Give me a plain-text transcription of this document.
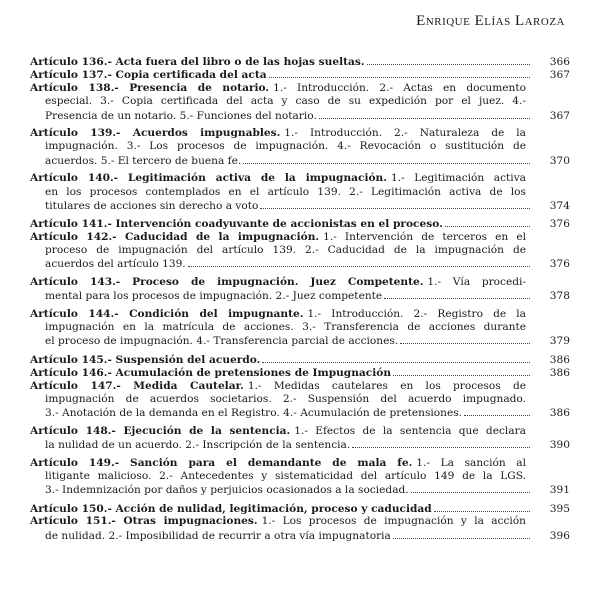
Enrique Elías Laroza
Artículo 136.- Acta fuera del libro o de las hojas sueltas.	366
Artículo 137.- Copia certificada del acta	367
Artículo 138.- Presencia de notario. 1.- Introducción. 2.- Actas en documento
especial. 3.- Copia certificada del acta y caso de su expedición por el juez. 4.-
Presencia de un notario. 5.- Funciones del notario.	367
Artículo 139.- Acuerdos impugnables. 1.- Introducción. 2.- Naturaleza de la
impugnación. 3.- Los procesos de impugnación. 4.- Revocación o sustitución de
acuerdos. 5.- El tercero de buena fe.	370
Artículo 140.- Legitimación activa de la impugnación. 1.- Legitimación activa
en los procesos contemplados en el artículo 139. 2.- Legitimación activa de los
titulares de acciones sin derecho a voto	374
Artículo 141.- Intervención coadyuvante de accionistas en el proceso.	376
Artículo 142.- Caducidad de la impugnación. 1.- Intervención de terceros en el
proceso de impugnación del artículo 139. 2.- Caducidad de la impugnación de
acuerdos del artículo 139.	376
Artículo 143.- Proceso de impugnación. Juez Competente. 1.- Vía procedi-
mental para los procesos de impugnación. 2.- Juez competente	378
Artículo 144.- Condición del impugnante. 1.- Introducción. 2.- Registro de la
impugnación en la matrícula de acciones. 3.- Transferencia de acciones durante
el proceso de impugnación. 4.- Transferencia parcial de acciones.	379
Artículo 145.- Suspensión del acuerdo.	386
Artículo 146.- Acumulación de pretensiones de Impugnación	386
Artículo 147.- Medida Cautelar. 1.- Medidas cautelares en los procesos de
impugnación de acuerdos societarios. 2.- Suspensión del acuerdo impugnado.
3.- Anotación de la demanda en el Registro. 4.- Acumulación de pretensiones.	386
Artículo 148.- Ejecución de la sentencia. 1.- Efectos de la sentencia que declara
la nulidad de un acuerdo. 2.- Inscripción de la sentencia.	390
Artículo 149.- Sanción para el demandante de mala fe. 1.- La sanción al
litigante malicioso. 2.- Antecedentes y sistematicidad del artículo 149 de la LGS.
3.- Indemnización por daños y perjuicios ocasionados a la sociedad.	391
Artículo 150.- Acción de nulidad, legitimación, proceso y caducidad	395
Artículo 151.- Otras impugnaciones. 1.- Los procesos de impugnación y la acción
de nulidad. 2.- Imposibilidad de recurrir a otra vía impugnatoria	396
